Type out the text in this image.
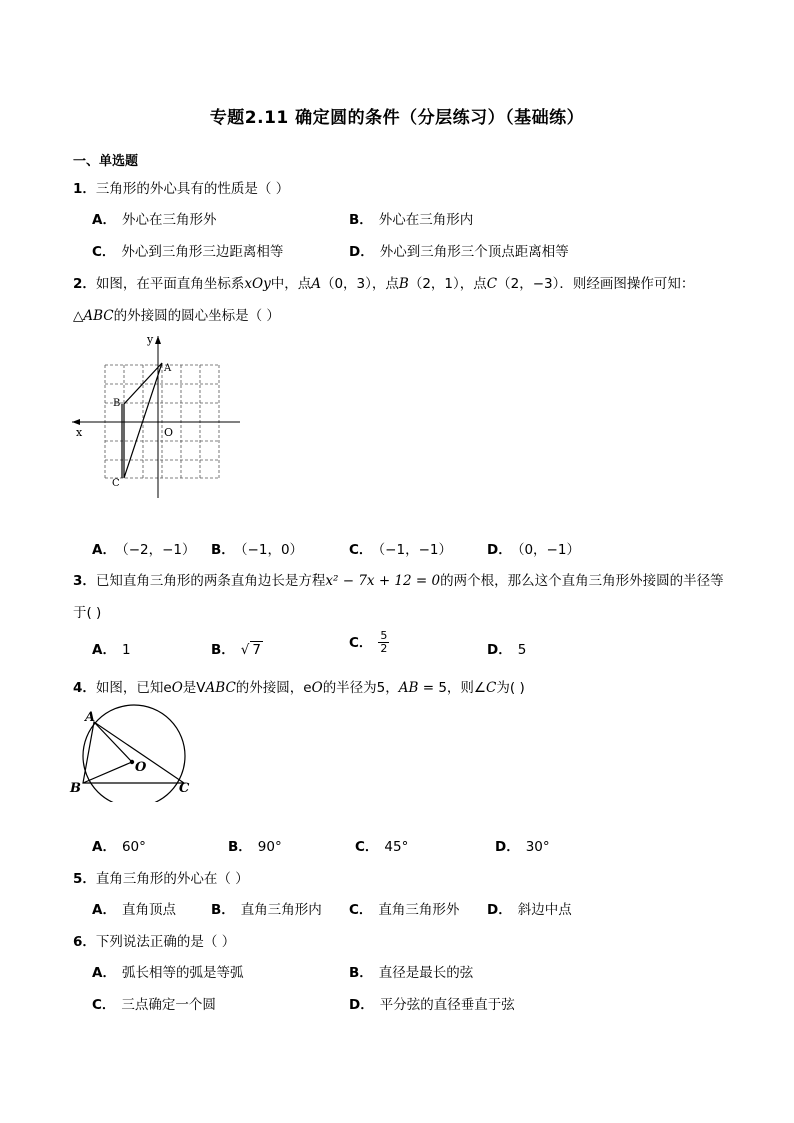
专题2.11 确定圆的条件（分层练习）（基础练）
一、单选题
1．三角形的外心具有的性质是（ ）
A． 外心在三角形外	B． 外心在三角形内
C． 外心到三角形三边距离相等	D． 外心到三角形三个顶点距离相等
2．如图，在平面直角坐标系xOy中，点A（0，3），点B（2，1），点C（2，−3）．则经画图操作可知：
△ABC的外接圆的圆心坐标是（ ）
y
x	O
A
B
C
A． （−2，−1） B． （−1，0）	C． （−1，−1）	D． （0，−1）
3．已知直角三角形的两条直角边长是方程x² − 7x + 12 = 0的两个根，那么这个直角三角形外接圆的半径等
于( )
A． 1	B． √ 7	C． $\frac{5}{2}$	D． 5
4．如图，已知eO是VABC的外接圆，eO的半径为5，AB = 5，则∠C为( )
A
B	C
O
A． 60°	B． 90°	C． 45°	D． 30°
5．直角三角形的外心在（ ）
A． 直角顶点	B． 直角三角形内 C． 直角三角形外 D． 斜边中点
6．下列说法正确的是（ ）
A． 弧长相等的弧是等弧	B． 直径是最长的弦
C． 三点确定一个圆	D． 平分弦的直径垂直于弦
